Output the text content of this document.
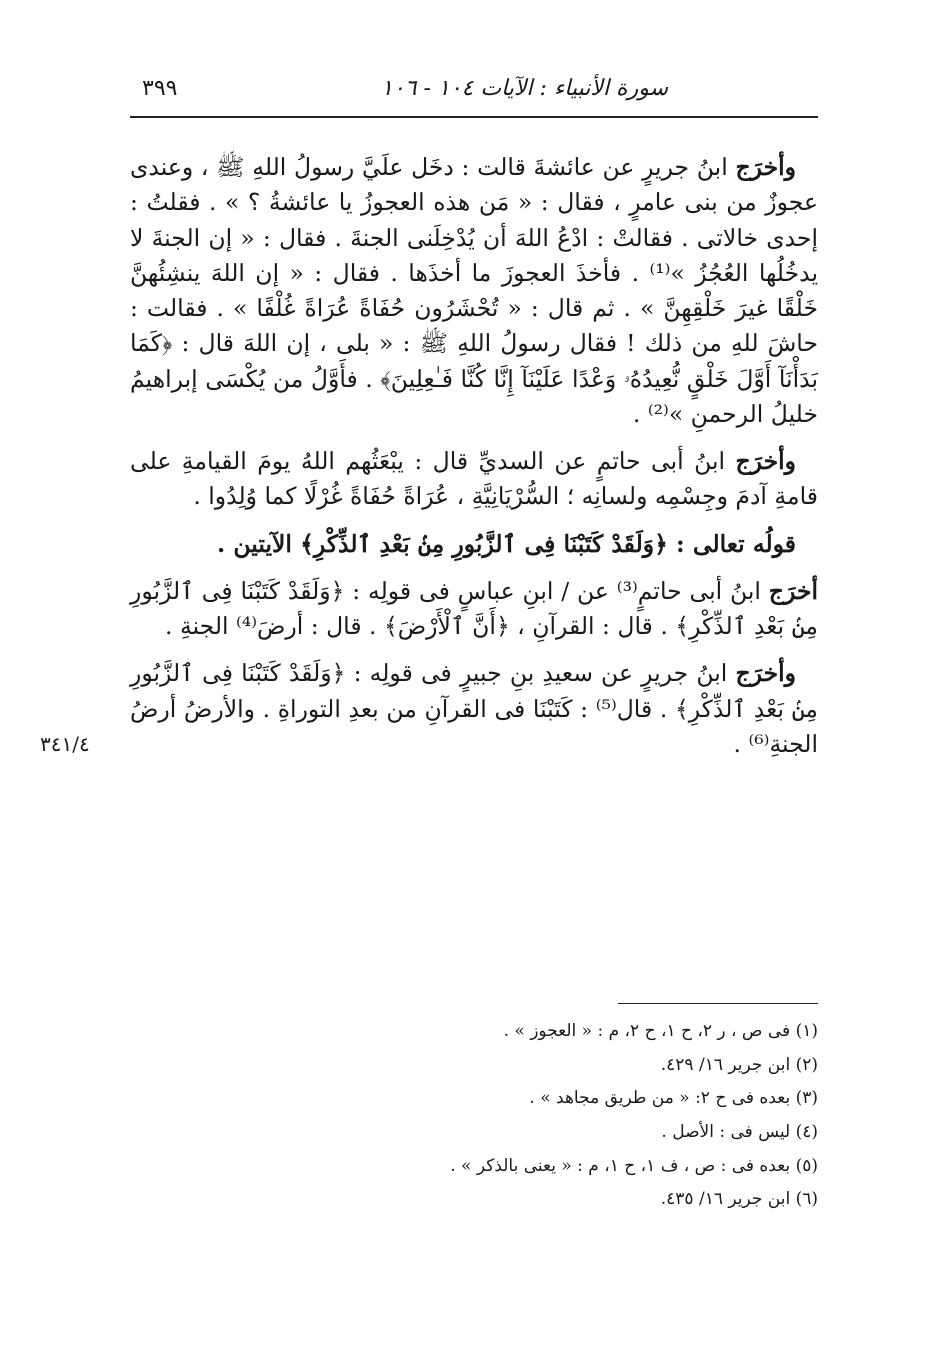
سورة الأنبياء : الآيات ١٠٤ - ١٠٦
٣٩٩

وأخرَج ابنُ جريرٍ عن عائشةَ قالت : دخَل علَيَّ رسولُ اللهِ ﷺ ، وعندى عجوزٌ من بنى عامرٍ ، فقال : « مَن هذه العجوزُ يا عائشةُ ؟ » . فقلتُ : إحدى خالاتى . فقالتْ : ادْعُ اللهَ أن يُدْخِلَنى الجنةَ . فقال : « إن الجنةَ لا يدخُلُها العُجُزُ »⁽¹⁾ . فأخذَ العجوزَ ما أخذَها . فقال : « إن اللهَ ينشِئُهنَّ خَلْقًا غيرَ خَلْقِهِنَّ » . ثم قال : « تُحْشَرُون حُفَاةً عُرَاةً غُلْفًا » . فقالت : حاشَ للهِ من ذلك ! فقال رسولُ اللهِ ﷺ : « بلى ، إن اللهَ قال : ﴿كَمَا بَدَأْنَآ أَوَّلَ خَلْقٍ نُّعِيدُهُۥ وَعْدًا عَلَيْنَآ إِنَّا كُنَّا فَـٰعِلِينَ﴾ . فأَوَّلُ من يُكْسَى إبراهيمُ خليلُ الرحمنِ »⁽²⁾ .

وأخرَج ابنُ أبى حاتمٍ عن السديِّ قال : يبْعَثُهم اللهُ يومَ القيامةِ على قامةِ آدمَ وجِسْمِه ولسانِه ؛ السُّرْيَانِيَّةِ ، عُرَاةً حُفَاةً غُرْلًا كما وُلِدُوا .

قولُه تعالى : ﴿وَلَقَدْ كَتَبْنَا فِى ٱلزَّبُورِ مِنۢ بَعْدِ ٱلذِّكْرِ﴾ الآيتين .

أخرَج ابنُ أبى حاتمٍ⁽³⁾ عن / ابنِ عباسٍ فى قولِه : ﴿وَلَقَدْ كَتَبْنَا فِى ٱلزَّبُورِ مِنۢ بَعْدِ ٱلذِّكْرِ﴾ . قال : القرآنِ ، ﴿أَنَّ ٱلْأَرْضَ﴾ . قال : أرضَ⁽⁴⁾ الجنةِ .

وأخرَج ابنُ جريرٍ عن سعيدِ بنِ جبيرٍ فى قولِه : ﴿وَلَقَدْ كَتَبْنَا فِى ٱلزَّبُورِ مِنۢ بَعْدِ ٱلذِّكْرِ﴾ . قال⁽⁵⁾ : كَتَبْنَا فى القرآنِ من بعدِ التوراةِ . والأرضُ أرضُ الجنةِ⁽⁶⁾ .

٣٤١/٤

(١) فى ص ، ر ٢، ح ١، ح ٢، م : « العجوز » .

(٢) ابن جرير ١٦/ ٤٢٩.

(٣) بعده فى ح ٢: « من طريق مجاهد » .

(٤) ليس فى : الأصل .

(٥) بعده فى : ص ، ف ١، ح ١، م : « يعنى بالذكر » .

(٦) ابن جرير ١٦/ ٤٣٥.
